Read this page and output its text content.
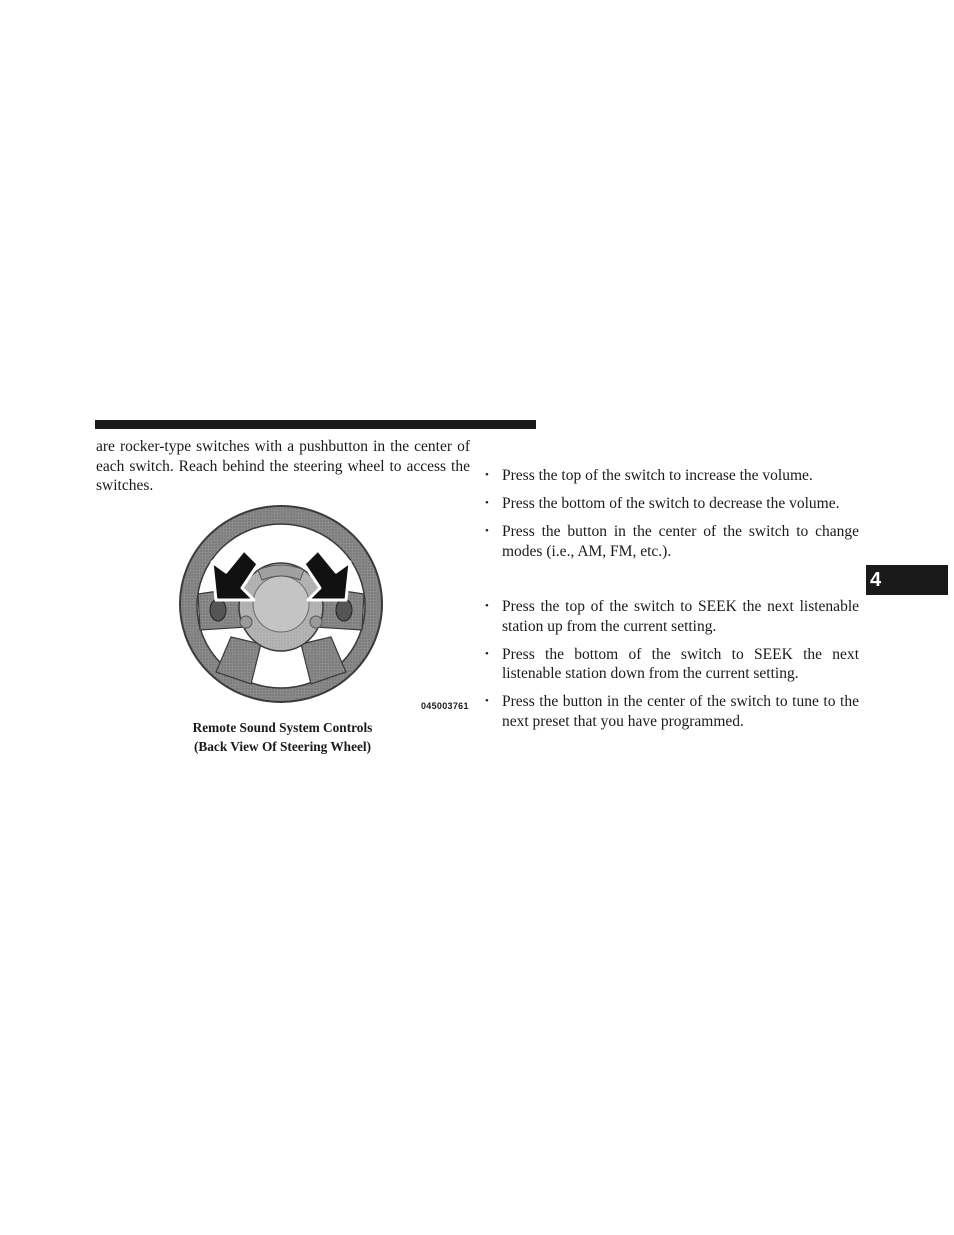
are rocker-type switches with a pushbutton in the center of each switch. Reach behind the steering wheel to access the switches.

045003761
Remote Sound System Controls
(Back View Of Steering Wheel)
• Press the top of the switch to increase the volume.
• Press the bottom of the switch to decrease the volume.
• Press the button in the center of the switch to change modes (i.e., AM, FM, etc.).
• Press the top of the switch to SEEK the next listenable station up from the current setting.
• Press the bottom of the switch to SEEK the next listenable station down from the current setting.
• Press the button in the center of the switch to tune to the next preset that you have programmed.
4
